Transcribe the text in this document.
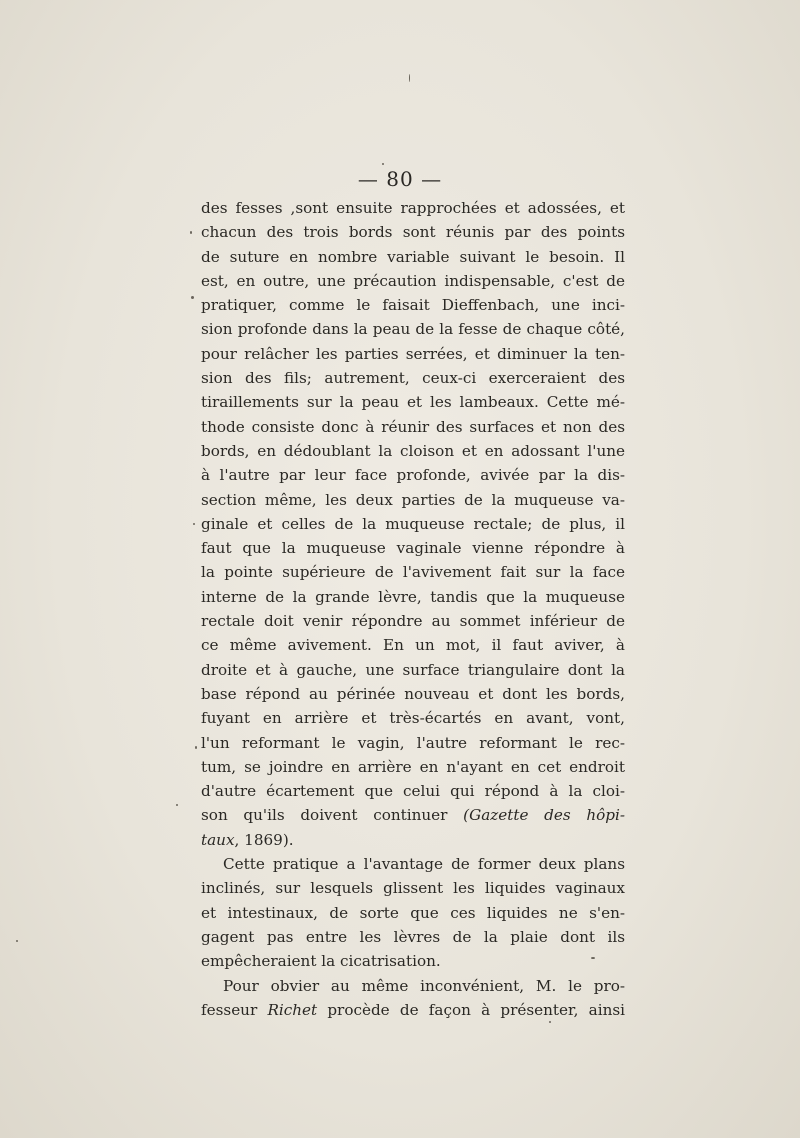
— 80 —
des fesses ,sont ensuite rapprochées et adossées, et
chacun des trois bords sont réunis par des points
de suture en nombre variable suivant le besoin. Il
est, en outre, une précaution indispensable, c'est de
pratiquer, comme le faisait Dieffenbach, une inci-
sion profonde dans la peau de la fesse de chaque côté,
pour relâcher les parties serrées, et diminuer la ten-
sion des fils; autrement, ceux-ci exerceraient des
tiraillements sur la peau et les lambeaux. Cette mé-
thode consiste donc à réunir des surfaces et non des
bords, en dédoublant la cloison et en adossant l'une
à l'autre par leur face profonde, avivée par la dis-
section même, les deux parties de la muqueuse va-
ginale et celles de la muqueuse rectale; de plus, il
faut que la muqueuse vaginale vienne répondre à
la pointe supérieure de l'avivement fait sur la face
interne de la grande lèvre, tandis que la muqueuse
rectale doit venir répondre au sommet inférieur de
ce même avivement. En un mot, il faut aviver, à
droite et à gauche, une surface triangulaire dont la
base répond au périnée nouveau et dont les bords,
fuyant en arrière et très-écartés en avant, vont,
l'un reformant le vagin, l'autre reformant le rec-
tum, se joindre en arrière en n'ayant en cet endroit
d'autre écartement que celui qui répond à la cloi-
son qu'ils doivent continuer (Gazette des hôpi-
taux, 1869).
Cette pratique a l'avantage de former deux plans
inclinés, sur lesquels glissent les liquides vaginaux
et intestinaux, de sorte que ces liquides ne s'en-
gagent pas entre les lèvres de la plaie dont ils
empêcheraient la cicatrisation.
Pour obvier au même inconvénient, M. le pro-
fesseur Richet procède de façon à présenter, ainsi
